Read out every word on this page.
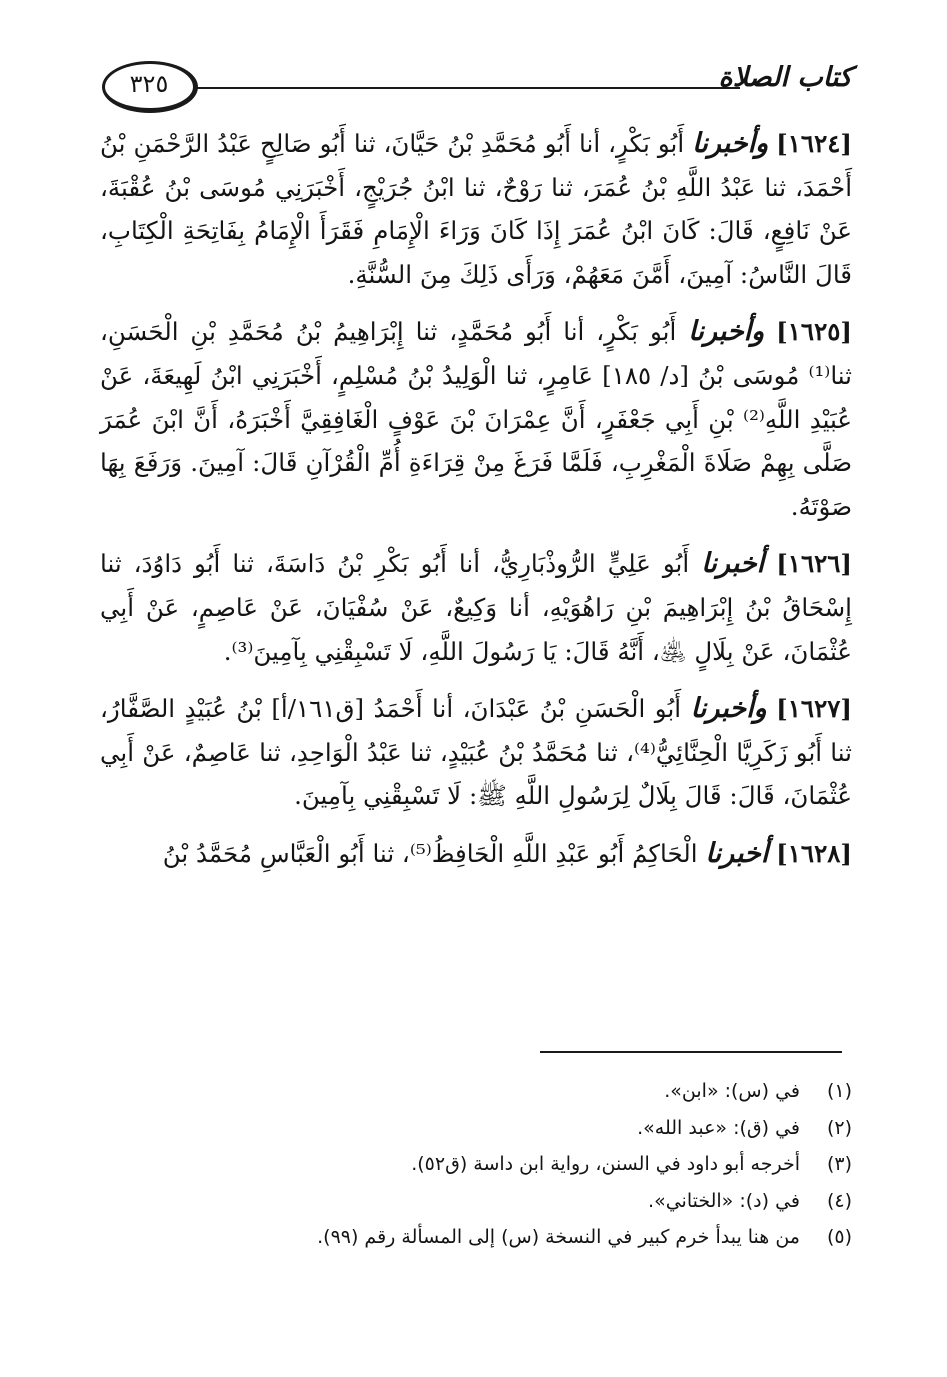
٣٢٥	كتاب الصلاة

[١٦٢٤] وأخبرنا أَبُو بَكْرٍ، أنا أَبُو مُحَمَّدِ بْنُ حَيَّانَ، ثنا أَبُو صَالِحٍ عَبْدُ الرَّحْمَنِ بْنُ أَحْمَدَ، ثنا عَبْدُ اللَّهِ بْنُ عُمَرَ، ثنا رَوْحٌ، ثنا ابْنُ جُرَيْجٍ، أَخْبَرَنِي مُوسَى بْنُ عُقْبَةَ، عَنْ نَافِعٍ، قَالَ: كَانَ ابْنُ عُمَرَ إِذَا كَانَ وَرَاءَ الْإِمَامِ فَقَرَأَ الْإِمَامُ بِفَاتِحَةِ الْكِتَابِ، قَالَ النَّاسُ: آمِينَ، أَمَّنَ مَعَهُمْ، وَرَأَى ذَلِكَ مِنَ السُّنَّةِ.

[١٦٢٥] وأخبرنا أَبُو بَكْرٍ، أنا أَبُو مُحَمَّدٍ، ثنا إِبْرَاهِيمُ بْنُ مُحَمَّدِ بْنِ الْحَسَنِ، ثنا⁽¹⁾ مُوسَى بْنُ [د/ ١٨٥] عَامِرٍ، ثنا الْوَلِيدُ بْنُ مُسْلِمٍ، أَخْبَرَنِي ابْنُ لَهِيعَةَ، عَنْ عُبَيْدِ اللَّهِ⁽²⁾ بْنِ أَبِي جَعْفَرٍ، أَنَّ عِمْرَانَ بْنَ عَوْفٍ الْغَافِقِيَّ أَخْبَرَهُ، أَنَّ ابْنَ عُمَرَ صَلَّى بِهِمْ صَلَاةَ الْمَغْرِبِ، فَلَمَّا فَرَغَ مِنْ قِرَاءَةِ أُمِّ الْقُرْآنِ قَالَ: آمِينَ. وَرَفَعَ بِهَا صَوْتَهُ.

[١٦٢٦] أخبرنا أَبُو عَلِيٍّ الرُّوذْبَارِيُّ، أنا أَبُو بَكْرِ بْنُ دَاسَةَ، ثنا أَبُو دَاوُدَ، ثنا إِسْحَاقُ بْنُ إِبْرَاهِيمَ بْنِ رَاهُوَيْهِ، أنا وَكِيعٌ، عَنْ سُفْيَانَ، عَنْ عَاصِمٍ، عَنْ أَبِي عُثْمَانَ، عَنْ بِلَالٍ ﵁، أَنَّهُ قَالَ: يَا رَسُولَ اللَّهِ، لَا تَسْبِقْنِي بِآمِينَ⁽³⁾.

[١٦٢٧] وأخبرنا أَبُو الْحَسَنِ بْنُ عَبْدَانَ، أنا أَحْمَدُ [ق١٦١/أ] بْنُ عُبَيْدٍ الصَّفَّارُ، ثنا أَبُو زَكَرِيَّا الْحِنَّائِيُّ⁽⁴⁾، ثنا مُحَمَّدُ بْنُ عُبَيْدٍ، ثنا عَبْدُ الْوَاحِدِ، ثنا عَاصِمٌ، عَنْ أَبِي عُثْمَانَ، قَالَ: قَالَ بِلَالٌ لِرَسُولِ اللَّهِ ﷺ: لَا تَسْبِقْنِي بِآمِينَ.

[١٦٢٨] أخبرنا الْحَاكِمُ أَبُو عَبْدِ اللَّهِ الْحَافِظُ⁽⁵⁾، ثنا أَبُو الْعَبَّاسِ مُحَمَّدُ بْنُ

(١)في (س): «ابن».

(٢)في (ق): «عبد الله».

(٣)أخرجه أبو داود في السنن، رواية ابن داسة (ق٥٢).

(٤)في (د): «الختاني».

(٥)من هنا يبدأ خرم كبير في النسخة (س) إلى المسألة رقم (٩٩).
